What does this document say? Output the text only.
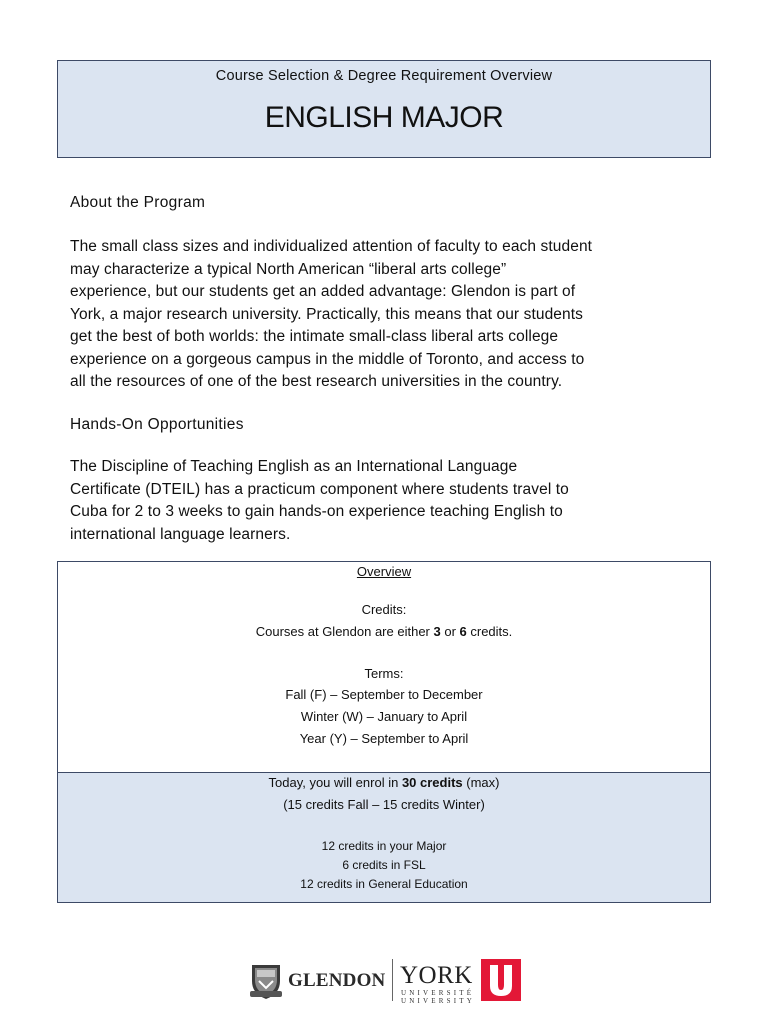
Course Selection & Degree Requirement Overview
ENGLISH MAJOR
About the Program

The small class sizes and individualized attention of faculty to each student
may characterize a typical North American “liberal arts college”
experience, but our students get an added advantage: Glendon is part of
York, a major research university. Practically, this means that our students
get the best of both worlds: the intimate small-class liberal arts college
experience on a gorgeous campus in the middle of Toronto, and access to
all the resources of one of the best research universities in the country.

Hands-On Opportunities

The Discipline of Teaching English as an International Language
Certificate (DTEIL) has a practicum component where students travel to
Cuba for 2 to 3 weeks to gain hands-on experience teaching English to
international language learners.

Overview
Credits:
Courses at Glendon are either 3 or 6 credits.
Terms:
Fall (F) – September to December
Winter (W) – January to April
Year (Y) – September to April
Today, you will enrol in 30 credits (max)
(15 credits Fall – 15 credits Winter)
12 credits in your Major
6 credits in FSL
12 credits in General Education
GLENDON YORK
UNIVERSITÉ UNIVERSITY
